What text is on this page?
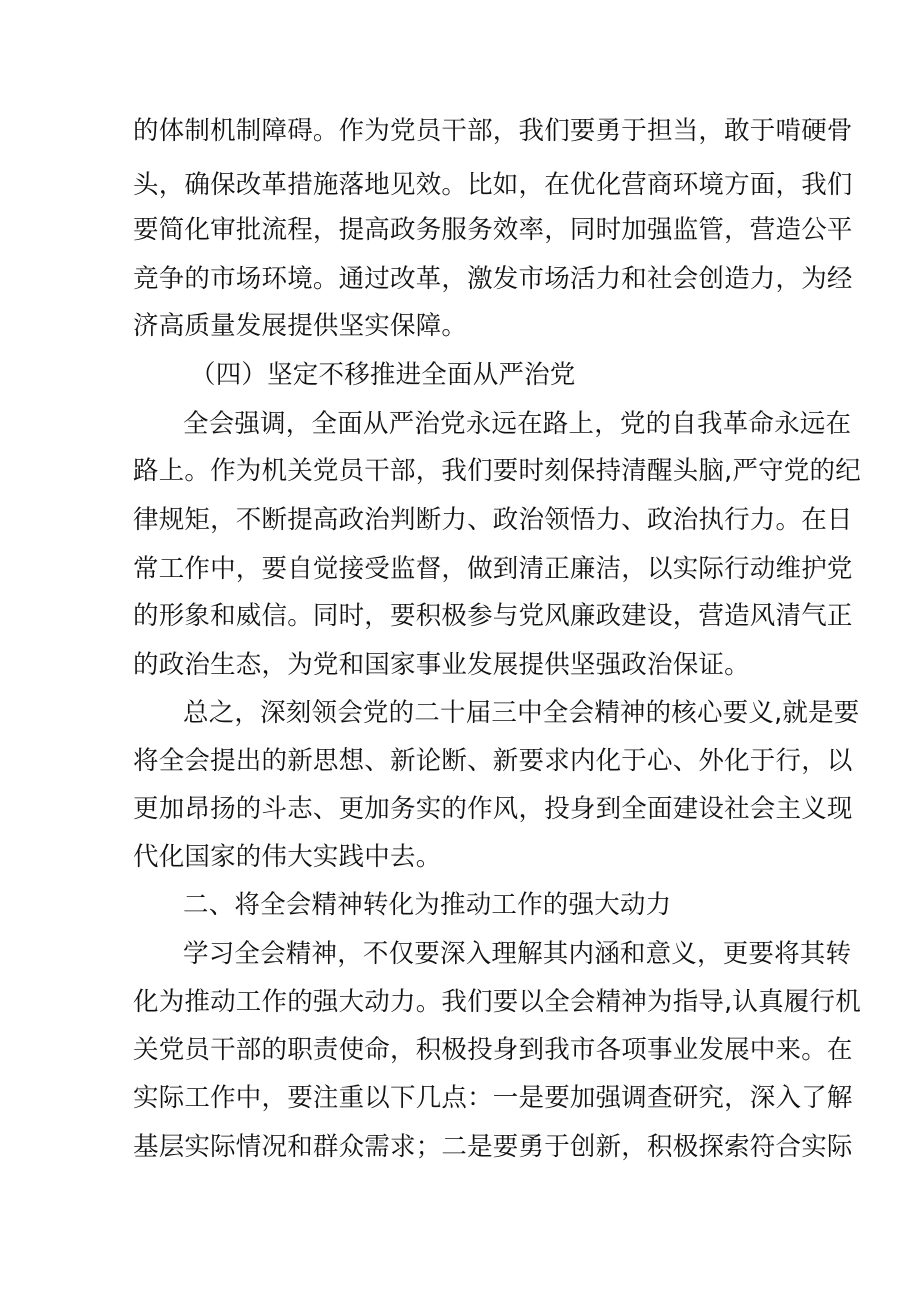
的体制机制障碍。作为党员干部，我们要勇于担当，敢于啃硬骨
头，确保改革措施落地见效。比如，在优化营商环境方面，我们
要简化审批流程，提高政务服务效率，同时加强监管，营造公平
竞争的市场环境。通过改革，激发市场活力和社会创造力，为经
济高质量发展提供坚实保障。
（四）坚定不移推进全面从严治党
全会强调，全面从严治党永远在路上，党的自我革命永远在
路上。作为机关党员干部，我们要时刻保持清醒头脑,严守党的纪
律规矩，不断提高政治判断力、政治领悟力、政治执行力。在日
常工作中，要自觉接受监督，做到清正廉洁，以实际行动维护党
的形象和威信。同时，要积极参与党风廉政建设，营造风清气正
的政治生态，为党和国家事业发展提供坚强政治保证。
总之，深刻领会党的二十届三中全会精神的核心要义,就是要
将全会提出的新思想、新论断、新要求内化于心、外化于行，以
更加昂扬的斗志、更加务实的作风，投身到全面建设社会主义现
代化国家的伟大实践中去。
二、将全会精神转化为推动工作的强大动力
学习全会精神，不仅要深入理解其内涵和意义，更要将其转
化为推动工作的强大动力。我们要以全会精神为指导,认真履行机
关党员干部的职责使命，积极投身到我市各项事业发展中来。在
实际工作中，要注重以下几点：一是要加强调查研究，深入了解
基层实际情况和群众需求；二是要勇于创新，积极探索符合实际
